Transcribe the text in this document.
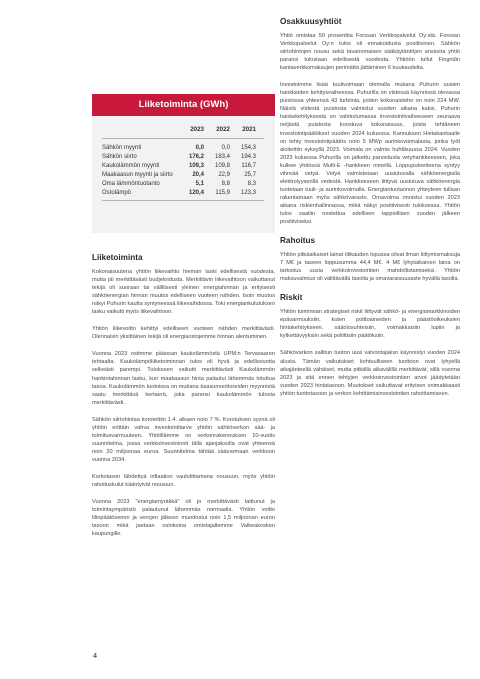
Liiketoiminta (GWh)
2023	2022	2021
Sähkön myynti	0,0	0,0	154,3
Sähkön siirto	176,2	183,4	194,3
Kaukolämmön myynti	109,3	109,8	116,7
Maakaasun myynti ja siirto	20,4	22,9	25,7
Oma lämmöntuotanto	5,1	8,8	8,3
Ostolämpö	120,4	115,9	123,3
Liiketoiminta

Kokonaisuutena yhtiön liikevaihto hieman laski edellisestä vuodesta, mutta jäi merkittävästi budjetoidusta. Merkittävin liikevaihtoon vaikuttanut tekijä oli suoraan tai välillisesti yleinen energiahinnan ja erityisesti sähköenergian hinnan muutos edelliseen vuoteen nähden. Isoin muutos näkyi Puhurin kautta syntyneessä liikevaihdossa. Toki energiankulutuksen lasku vaikutti myös liikevaihtoon.

Yhtiön liikevoitto kehittyi edelliseen vuoteen nähden merkittävästi. Olennaisin yksittäinen tekijä oli energiaostojemme hinnan alentuminen.

Vuonna 2023 ostimme pääosan kaukolämmöstä UPM:n Tervasaaren tehtaalta. Kaukolämpöliiketoiminnan tulos oli hyvä ja edellisvuotta selkeästi parempi. Tulokseen vaikutti merkittävästi Kaukolämmön hankintahinnan lasku, kun maakaasun hinta palautui lähemmäs totuttua tasoa. Kaukolämmön tuotoissa on mukana kaasumoottoreiden myynnistä saatu merkittävä kertaerä, joka paransi kaukolämmön tulosta merkittävästi.

Sähkön siirtohintaa korotettiin 1.4. alkaen noin 7 %. Korotuksen syynä oli yhtiön erittäin vahva investointitarve yhtiön sähköverkon sää- ja toimitusvarmuuteen. Yhtiöllämme on verkonrakennuksen 10-vuotis suunnitelma, jossa verkkoinvestoinnit tällä ajanjaksolla ovat yhteensä noin 20 miljoonaa euroa. Suunnitelma tähtää säävarmaan verkkoon vuonna 2034.

Korkotason lähdettyä inflaation vauhdittamana nousuun, myös yhtiön rahoituskulut kääntyivät nousuun.

Vuonna 2023 "energiamyräkkä" oli jo merkittävästi taittunut ja toimintaympäristö palautunut lähemmäs normaalia. Yhtiön voitto tilinpäätöserien ja verojen jälkeen muodostui noin 1,5 miljoonan euron tasoon mikä jaetaan osinkoina omistajallemme Valkeakosken kaupungille.

Osakkuusyhtiöt

Yhtiö omistaa 50 prosenttia Forssan Verkkopalvelut Oy:stä. Forssan Verkkopalvelut Oy:n tulos oli ennakoidusta positiivinen. Sähkön siirtohintojen nousu sekä tavanomaisen sääkäytäntöjen ansiosta yhtiö paransi tulostaan edellisestä vuodesta. Yhtiöön tullut Fingridin kantaverkkomaksujen perimättä jättäminen 6 kuukaudelta.

Investoimme lisää tuulivoimaan olemalla mukana Puhurin uusien hankkeiden kehitysvaiheessa. Puhurilla on viidessä käynnissä olevassa puistossa yhteensä 43 turbiinia, joiden kokonaisteho on noin 224 MW. Näistä viidestä puistosta valmistui vuoden aikana kaksi. Puhurin hankekehityksestä on valmistumassa investointivaiheeseen seuraava neljästä puistosta koostuva kokonaisuus, joista tehtäneen investointipäätökset vuoden 2024 kuluessa. Kannuksen Hietakankaalle on tehty investointipäätös noin 5 MWp aurinkovoimalasta, jonka työt aloitettiin syksyllä 2023. Voimala on valmis huhtikuussa 2024. Vuoden 2023 kuluessa Puhurilla on jatkettu panostusta vetyhankkeeseen, joka kulkee yhtiössä Multi-E -hankkeen nimellä. Loppuputoetteena syntyy vihreää vetyä. Vetyä valmistetaan uusiutuvalla sähköenergialla elektrolyyserillä vedestä. Hankkeeseen liittyvä uusiutuva sähköenergia tuotetaan tuuli- ja aurinkovoimalla. Energiantuotannon yhteyteen tullaan rakentamaan myös sähkövarasto. Omavoima onnistui vuoden 2023 aikana riskienhallinnassa, mikä näkyi positiivisesti tuloksessa. Yhtiön tulos saatiin nostettua edellisen tappiollisen vuoden jälkeen positiiviseksi.

Rahoitus

Yhtiön pitkäaikaiset lainat tilikauden lopussa olivat ilman liittymismaksuja 7 M€ ja taseen loppusumma 44,4 M€. 4 M€ lyhytaikainen laina on tarkoitus uusia verkkoinvestointien mahdollistamiseksi. Yhtiön maksuvalmius oli välittävällä tasolla ja omavaraisuusaste hyvällä tasolla.

Riskit

Yhtiön toiminnan strategiset riskit liittyvät sähkö- ja energiamarkkinoiden epävarmuuksiin, kuten polttoaineiden ja päästöoikeuksien hintakehitykseen, sääolosuhteisiin, voimakkaisiin lupiin ja kytkettävyyksiin sekä poliittisiin päätöksiin.

Sähkövarkon sallitun tuoton uusi valvontajakso käynnistyi vuoden 2024 alusta. Tämän vaikutukset kohtuulliseen tuottoon ovat lyhyellä aikajänteellä vähäiset, mutta pitkällä aikavälillä merkittävät, sillä vuonna 2023 ja sitä ennen tehtyjen verkkoinvestointien arvot jäädytetään vuoden 2023 hintatasoon. Muutokset vaikuttavat erityisen voimakkaasti yhtiön tuottotasoon ja verkon kehittämisinvestointien rahoittamiseen.

4
